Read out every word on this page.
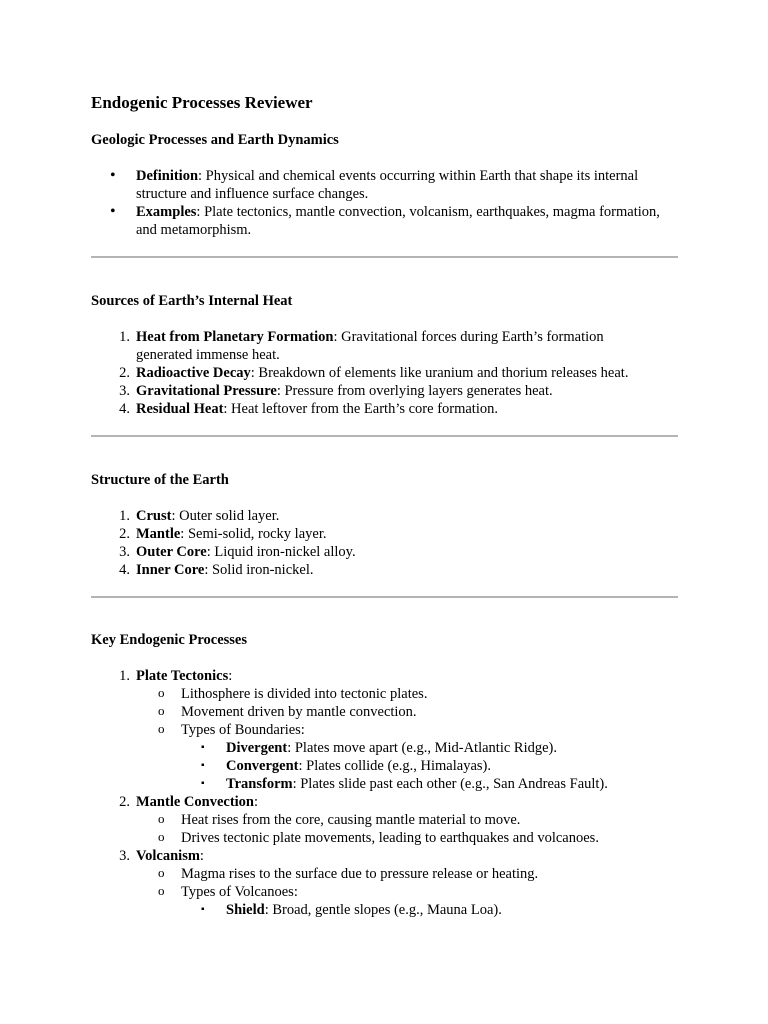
Endogenic Processes Reviewer
Geologic Processes and Earth Dynamics
• Definition: Physical and chemical events occurring within Earth that shape its internal structure and influence surface changes.
• Examples: Plate tectonics, mantle convection, volcanism, earthquakes, magma formation, and metamorphism.
Sources of Earth’s Internal Heat
1. Heat from Planetary Formation: Gravitational forces during Earth’s formation generated immense heat.
2. Radioactive Decay: Breakdown of elements like uranium and thorium releases heat.
3. Gravitational Pressure: Pressure from overlying layers generates heat.
4. Residual Heat: Heat leftover from the Earth’s core formation.
Structure of the Earth
1. Crust: Outer solid layer.
2. Mantle: Semi-solid, rocky layer.
3. Outer Core: Liquid iron-nickel alloy.
4. Inner Core: Solid iron-nickel.
Key Endogenic Processes
1. Plate Tectonics:
o Lithosphere is divided into tectonic plates.
o Movement driven by mantle convection.
o Types of Boundaries:
▪ Divergent: Plates move apart (e.g., Mid-Atlantic Ridge).
▪ Convergent: Plates collide (e.g., Himalayas).
▪ Transform: Plates slide past each other (e.g., San Andreas Fault).
2. Mantle Convection:
o Heat rises from the core, causing mantle material to move.
o Drives tectonic plate movements, leading to earthquakes and volcanoes.
3. Volcanism:
o Magma rises to the surface due to pressure release or heating.
o Types of Volcanoes:
▪ Shield: Broad, gentle slopes (e.g., Mauna Loa).
